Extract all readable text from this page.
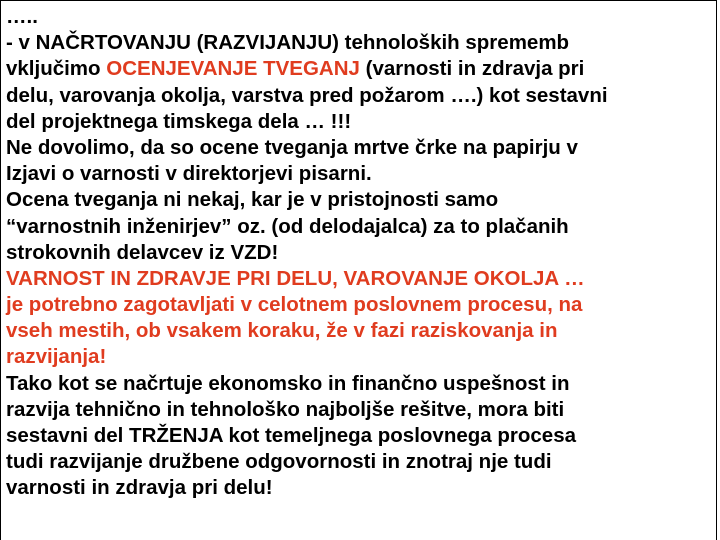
…..
- v NAČRTOVANJU (RAZVIJANJU) tehnoloških sprememb
vključimo OCENJEVANJE TVEGANJ (varnosti in zdravja pri
delu, varovanja okolja, varstva pred požarom ….) kot sestavni
del projektnega timskega dela … !!!
Ne dovolimo, da so ocene tveganja mrtve črke na papirju v
Izjavi o varnosti v direktorjevi pisarni.
Ocena tveganja ni nekaj, kar je v pristojnosti samo
“varnostnih inženirjev” oz. (od delodajalca) za to plačanih
strokovnih delavcev iz VZD!
VARNOST IN ZDRAVJE PRI DELU, VAROVANJE OKOLJA …
je potrebno zagotavljati v celotnem poslovnem procesu, na
vseh mestih, ob vsakem koraku, že v fazi raziskovanja in
razvijanja!
Tako kot se načrtuje ekonomsko in finančno uspešnost in
razvija tehnično in tehnološko najboljše rešitve, mora biti
sestavni del TRŽENJA kot temeljnega poslovnega procesa
tudi razvijanje družbene odgovornosti in znotraj nje tudi
varnosti in zdravja pri delu!
